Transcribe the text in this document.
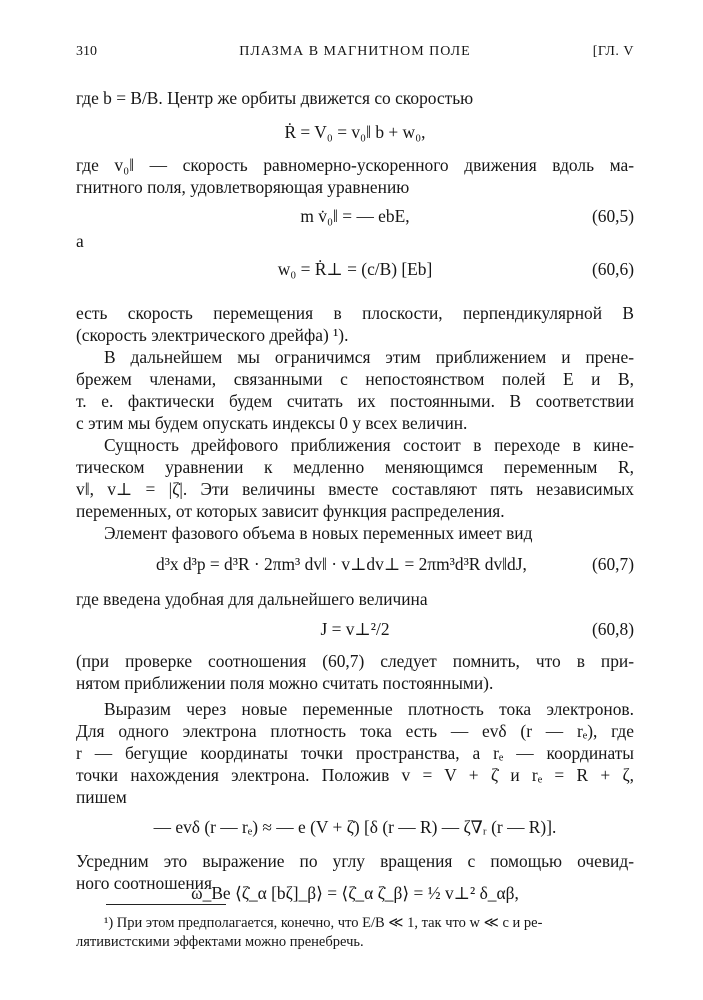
310	ПЛАЗМА В МАГНИТНОМ ПОЛЕ	[ГЛ. V
где b = B/B. Центр же орбиты движется со скоростью
Ṙ = V₀ = v₀‖ b + w₀,
где v₀‖ — скорость равномерно-ускоренного движения вдоль ма-
гнитного поля, удовлетворяющая уравнению
m v̇₀‖ = — ebE,	(60,5)
а
w₀ = Ṙ⊥ = (c/B) [Eb]	(60,6)
есть скорость перемещения в плоскости, перпендикулярной B
(скорость электрического дрейфа) ¹).
В дальнейшем мы ограничимся этим приближением и прене-
брежем членами, связанными с непостоянством полей E и B,
т. е. фактически будем считать их постоянными. В соответствии
с этим мы будем опускать индексы 0 у всех величин.
Сущность дрейфового приближения состоит в переходе в кине-
тическом уравнении к медленно меняющимся переменным R,
v‖, v⊥ = |ζ̇|. Эти величины вместе составляют пять независимых
переменных, от которых зависит функция распределения.
Элемент фазового объема в новых переменных имеет вид
d³x d³p = d³R · 2πm³ dv‖ · v⊥dv⊥ = 2πm³d³R dv‖dJ,	(60,7)
где введена удобная для дальнейшего величина
J = v⊥²/2	(60,8)
(при проверке соотношения (60,7) следует помнить, что в при-
нятом приближении поля можно считать постоянными).
Выразим через новые переменные плотность тока электронов.
Для одного электрона плотность тока есть — evδ (r — rₑ), где
r — бегущие координаты точки пространства, а rₑ — координаты
точки нахождения электрона. Положив v = V + ζ̇ и rₑ = R + ζ,
пишем
— evδ (r — rₑ) ≈ — e (V + ζ̇) [δ (r — R) — ζ∇ᵣ (r — R)].
Усредним это выражение по углу вращения с помощью очевид-
ного соотношения
ω_Be ⟨ζ̇_α [bζ]_β⟩ = ⟨ζ̇_α ζ̇_β⟩ = ½ v⊥² δ_αβ,
¹) При этом предполагается, конечно, что E/B ≪ 1, так что w ≪ c и ре-
лятивистскими эффектами можно пренебречь.
